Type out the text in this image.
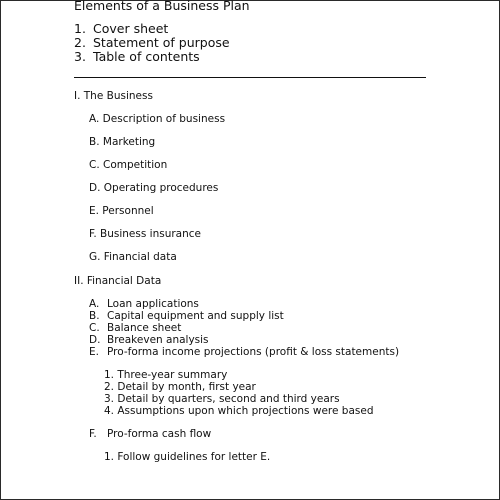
Elements of a Business Plan
1. Cover sheet
2. Statement of purpose
3. Table of contents
I. The Business
A. Description of business
B. Marketing
C. Competition
D. Operating procedures
E. Personnel
F. Business insurance
G. Financial data
II. Financial Data
A. Loan applications
B. Capital equipment and supply list
C. Balance sheet
D. Breakeven analysis
E. Pro-forma income projections (profit & loss statements)
1. Three-year summary
2. Detail by month, first year
3. Detail by quarters, second and third years
4. Assumptions upon which projections were based
F. Pro-forma cash flow
1. Follow guidelines for letter E.
